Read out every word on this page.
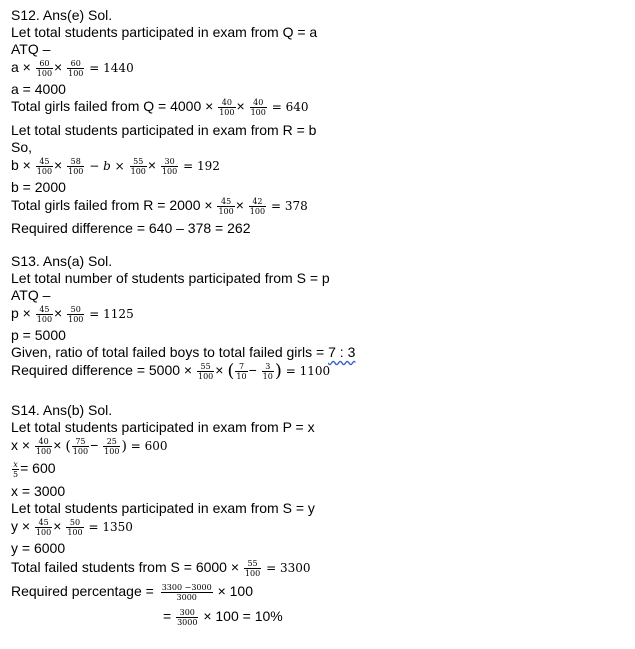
S12. Ans(e) Sol.
Let total students participated in exam from Q = a
ATQ –
$a \times \frac{60}{100} \times \frac{60}{100} = 1440$
a = 4000
Total girls failed from $Q = 4000 \times \frac{40}{100} \times \frac{40}{100} = 640$
Let total students participated in exam from R = b
So,
$b \times \frac{45}{100} \times \frac{58}{100} - b \times \frac{55}{100} \times \frac{30}{100} = 192$
b = 2000
Total girls failed from $R = 2000 \times \frac{45}{100} \times \frac{42}{100} = 378$
Required difference = 640 – 378 = 262
S13. Ans(a) Sol.
Let total number of students participated from S = p
ATQ –
$p \times \frac{45}{100} \times \frac{50}{100} = 1125$
p = 5000
Given, ratio of total failed boys to total failed girls = 7 : 3
Required difference = $5000 \times \frac{55}{100}$ × ( $\frac{7}{10} - \frac{3}{10}$ ) = 1100
S14. Ans(b) Sol.
Let total students participated in exam from P = x
$x \times \frac{40}{100}$ × ( $\frac{75}{100} - \frac{25}{100}$ ) = 600
$\frac{x}{5} = 600$
x = 3000
Let total students participated in exam from S = y
$y \times \frac{45}{100} \times \frac{50}{100} = 1350$
y = 6000
Total failed students from $S = 6000 \times \frac{55}{100} = 3300$
Required percentage = $\frac{3300 -3000}{3000} \times 100$
= $\frac{300}{3000} \times 100 = 10\%$
